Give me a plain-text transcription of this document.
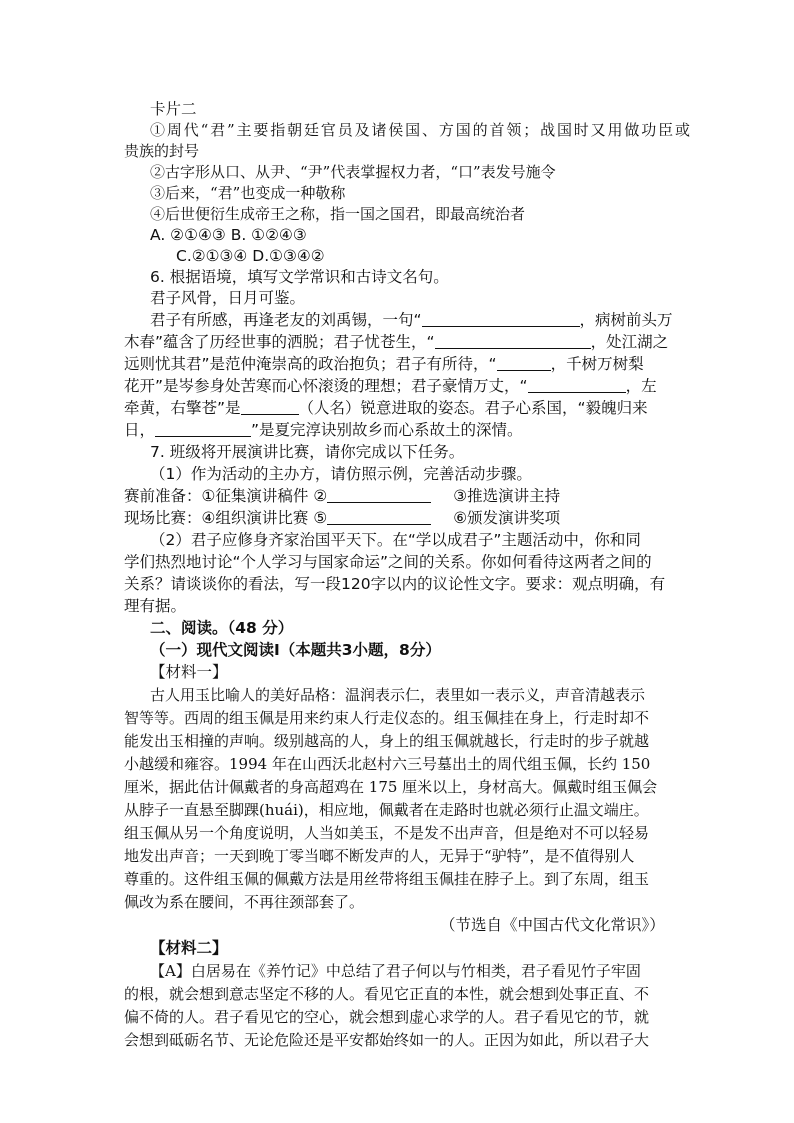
卡片二
①周代“君”主要指朝廷官员及诸侯国、方国的首领；战国时又用做功臣或
贵族的封号
②古字形从口、从尹、“尹”代表掌握权力者，“口”表发号施令
③后来，“君”也变成一种敬称
④后世便衍生成帝王之称，指一国之国君，即最高统治者
A. ②①④③ B. ①②④③
C.②①③④ D.①③④②
6. 根据语境，填写文学常识和古诗文名句。
君子风骨，日月可鉴。
君子有所感，再逢老友的刘禹锡，一句“	，病树前头万
木春”蕴含了历经世事的洒脱；君子忧苍生，“	，处江湖之
远则忧其君”是范仲淹崇高的政治抱负；君子有所待，“	，千树万树梨
花开”是岑参身处苦寒而心怀滚烫的理想；君子豪情万丈，“	，左
牵黄，右擎苍”是	（人名）锐意进取的姿态。君子心系国，“毅魄归来
日，	”是夏完淳诀别故乡而心系故土的深情。
7. 班级将开展演讲比赛，请你完成以下任务。
（1）作为活动的主办方，请仿照示例，完善活动步骤。
赛前准备：①征集演讲稿件 ②	③推选演讲主持
现场比赛：④组织演讲比赛 ⑤	⑥颁发演讲奖项
（2）君子应修身齐家治国平天下。在“学以成君子”主题活动中，你和同
学们热烈地讨论“个人学习与国家命运”之间的关系。你如何看待这两者之间的
关系？请谈谈你的看法，写一段120字以内的议论性文字。要求：观点明确，有
理有据。
二、阅读。（48 分）
（一）现代文阅读Ⅰ（本题共3小题，8分）
【材料一】
古人用玉比喻人的美好品格：温润表示仁，表里如一表示义，声音清越表示
智等等。西周的组玉佩是用来约束人行走仪态的。组玉佩挂在身上，行走时却不
能发出玉相撞的声响。级别越高的人，身上的组玉佩就越长，行走时的步子就越
小越缓和雍容。1994 年在山西沃北赵村六三号墓出土的周代组玉佩，长约 150
厘米，据此估计佩戴者的身高超鸡在 175 厘米以上，身材高大。佩戴时组玉佩会
从脖子一直悬至脚踝(huái)，相应地，佩戴者在走路时也就必须行止温文端庄。
组玉佩从另一个角度说明，人当如美玉，不是发不出声音，但是绝对不可以轻易
地发出声音；一天到晚丁零当啷不断发声的人，无异于“驴特”，是不值得别人
尊重的。这件组玉佩的佩戴方法是用丝带将组玉佩挂在脖子上。到了东周，组玉
佩改为系在腰间，不再往颈部套了。
（节选自《中国古代文化常识》）
【材料二】
【A】白居易在《养竹记》中总结了君子何以与竹相类，君子看见竹子牢固
的根，就会想到意志坚定不移的人。看见它正直的本性，就会想到处事正直、不
偏不倚的人。君子看见它的空心，就会想到虚心求学的人。君子看见它的节，就
会想到砥砺名节、无论危险还是平安都始终如一的人。正因为如此，所以君子大
